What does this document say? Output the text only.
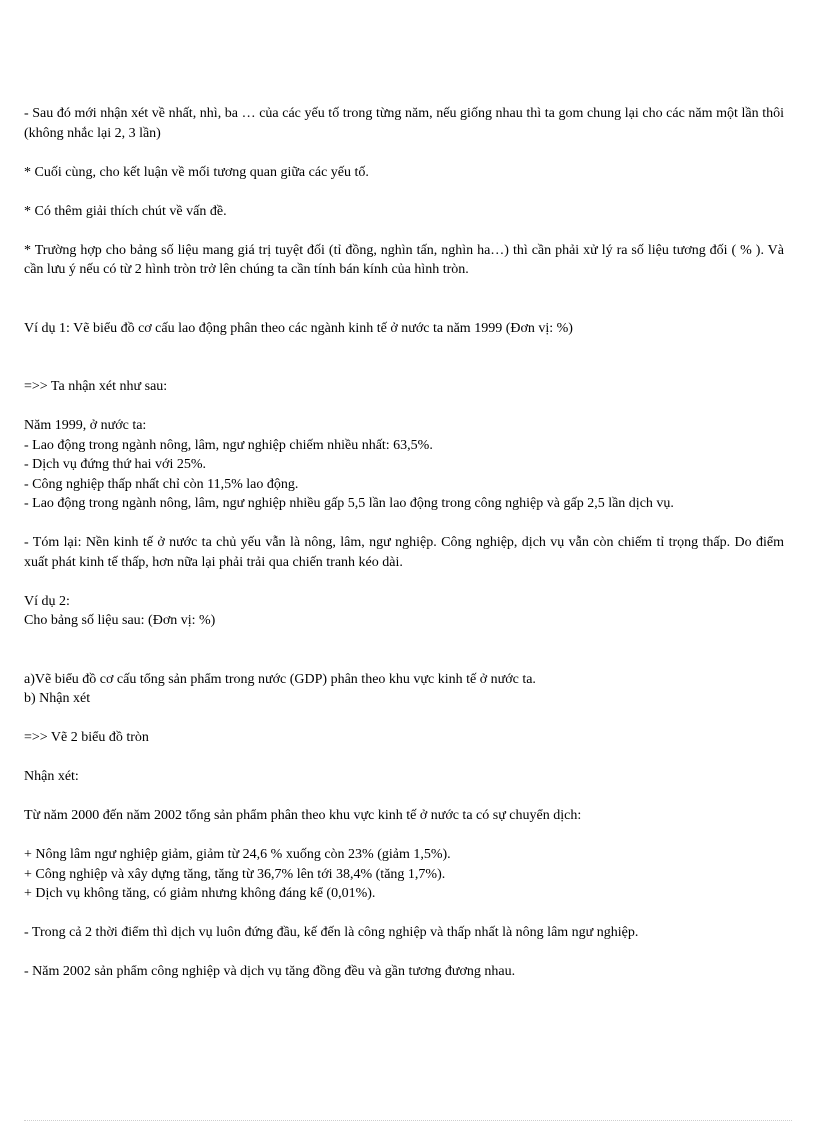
- Sau đó mới nhận xét về nhất, nhì, ba … của các yếu tố trong từng năm, nếu giống nhau thì ta gom chung lại cho các năm một lần thôi (không nhắc lại 2, 3 lần)

* Cuối cùng, cho kết luận về mối tương quan giữa các yếu tố.

* Có thêm giải thích chút về vấn đề.

* Trường hợp cho bảng số liệu mang giá trị tuyệt đối (tỉ đồng, nghìn tấn, nghìn ha…) thì cần phải xử lý ra số liệu tương đối ( % ). Và cần lưu ý nếu có từ 2 hình tròn trở lên chúng ta cần tính bán kính của hình tròn.

Ví dụ 1: Vẽ biểu đồ cơ cấu lao động phân theo các ngành kinh tế ở nước ta năm 1999 (Đơn vị: %)

=>> Ta nhận xét như sau:

Năm 1999, ở nước ta:

- Lao động trong ngành nông, lâm, ngư nghiệp chiếm nhiều nhất: 63,5%.

- Dịch vụ đứng thứ hai với 25%.

- Công nghiệp thấp nhất chỉ còn 11,5% lao động.

- Lao động trong ngành nông, lâm, ngư nghiệp nhiều gấp 5,5 lần lao động trong công nghiệp và gấp 2,5 lần dịch vụ.

- Tóm lại: Nền kinh tế ở nước ta chủ yếu vẫn là nông, lâm, ngư nghiệp. Công nghiệp, dịch vụ vẫn còn chiếm tỉ trọng thấp. Do điểm xuất phát kinh tế thấp, hơn nữa lại phải trải qua chiến tranh kéo dài.

Ví dụ 2:

Cho bảng số liệu sau: (Đơn vị: %)

a)Vẽ biểu đồ cơ cấu tổng sản phẩm trong nước (GDP) phân theo khu vực kinh tế ở nước ta.

b) Nhận xét

=>> Vẽ 2 biểu đồ tròn

Nhận xét:

Từ năm 2000 đến năm 2002 tổng sản phẩm phân theo khu vực kinh tế ở nước ta có sự chuyển dịch:

+ Nông lâm ngư nghiệp giảm, giảm từ 24,6 % xuống còn 23% (giảm 1,5%).

+ Công nghiệp và xây dựng tăng, tăng từ 36,7% lên tới 38,4% (tăng 1,7%).

+ Dịch vụ không tăng, có giảm nhưng không đáng kể (0,01%).

- Trong cả 2 thời điểm thì dịch vụ luôn đứng đầu, kế đến là công nghiệp và thấp nhất là nông lâm ngư nghiệp.

- Năm 2002 sản phẩm công nghiệp và dịch vụ tăng đồng đều và gần tương đương nhau.
